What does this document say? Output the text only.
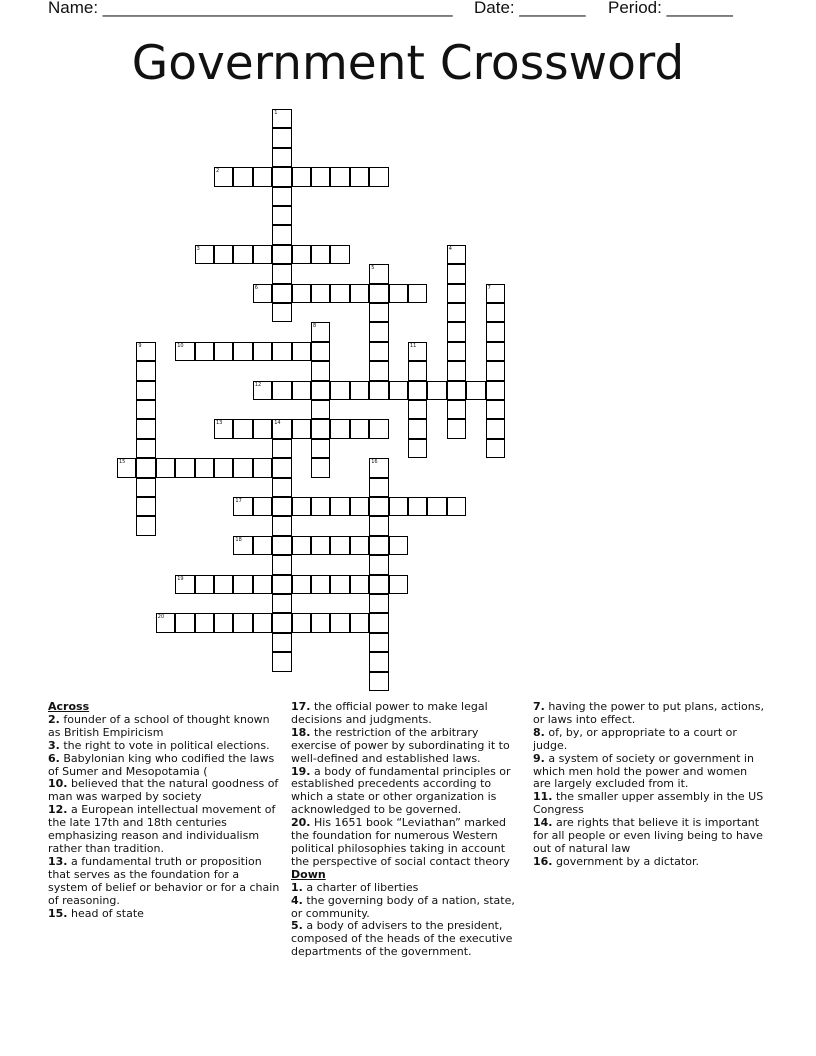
Name: _____________________________________ Date: _______ Period: _______
Government Crossword
2
3
6
10
12
13	14
15
17
18
19
20
1
4
5
7
8
9	11
16
Across

2. founder of a school of thought known as British Empiricism

3. the right to vote in political elections.

6. Babylonian king who codified the laws of Sumer and Mesopotamia (

10. believed that the natural goodness of man was warped by society

12. a European intellectual movement of the late 17th and 18th centuries emphasizing reason and individualism rather than tradition.

13. a fundamental truth or proposition that serves as the foundation for a system of belief or behavior or for a chain of reasoning.

15. head of state

17. the official power to make legal decisions and judgments.

18. the restriction of the arbitrary exercise of power by subordinating it to well-defined and established laws.

19. a body of fundamental principles or established precedents according to which a state or other organization is acknowledged to be governed.

20. His 1651 book “Leviathan” marked the foundation for numerous Western political philosophies taking in account the perspective of social contact theory

Down

1. a charter of liberties

4. the governing body of a nation, state, or community.

5. a body of advisers to the president, composed of the heads of the executive departments of the government.

7. having the power to put plans, actions, or laws into effect.

8. of, by, or appropriate to a court or judge.

9. a system of society or government in which men hold the power and women are largely excluded from it.

11. the smaller upper assembly in the US Congress

14. are rights that believe it is important for all people or even living being to have out of natural law

16. government by a dictator.
